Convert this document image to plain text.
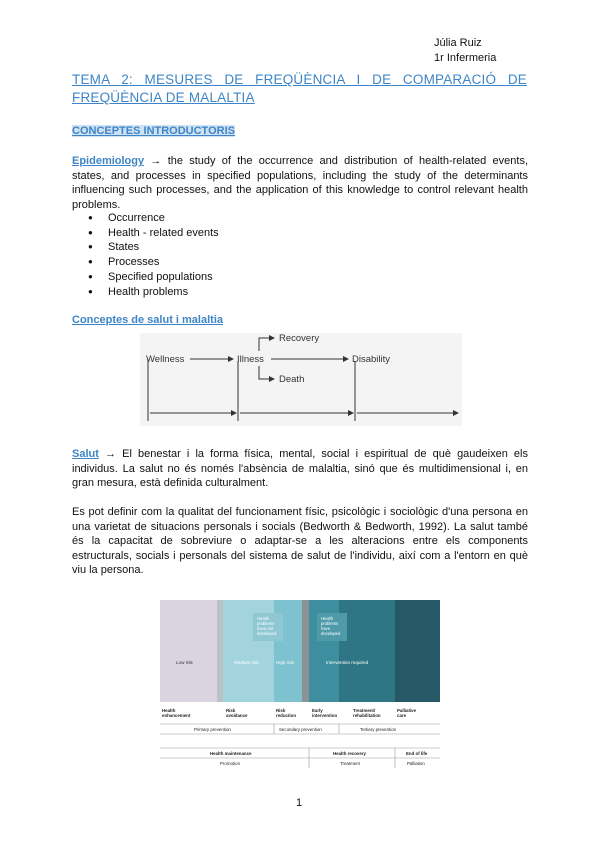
Júlia Ruiz
1r Infermeria
TEMA 2: MESURES DE FREQÜÈNCIA I DE COMPARACIÓ DE FREQÜÈNCIA DE MALALTIA
CONCEPTES INTRODUCTORIS
Epidemiology → the study of the occurrence and distribution of health-related events, states, and processes in specified populations, including the study of the determinants influencing such processes, and the application of this knowledge to control relevant health problems.
● Occurrence
● Health - related events
● States
● Processes
● Specified populations
● Health problems
Conceptes de salut i malaltia
Wellness	Illness	Disability
Recovery
Death
Salut → El benestar i la forma física, mental, social i espiritual de què gaudeixen els individus. La salut no és només l'absència de malaltia, sinó que és multidimensional i, en gran mesura, està definida culturalment.
Es pot definir com la qualitat del funcionament físic, psicològic i sociològic d'una persona en una varietat de situacions personals i socials (Bedworth & Bedworth, 1992). La salut també és la capacitat de sobreviure o adaptar-se a les alteracions entre els components estructurals, socials i personals del sistema de salut de l'individu, així com a l'entorn en què viu la persona.
Health
problems
have not
developed
Health
problems
have
developed
Low risk	Medium risk	High risk	Intervention required
Health
enhancement
Risk
avoidance
Risk
reduction
Early
intervention
Treatment/
rehabilitation
Palliative
care
Primary prevention	Secondary prevention	Tertiary prevention
Health maintenance	Health recovery	End of life
Promotion	Treatment	Palliation
1
